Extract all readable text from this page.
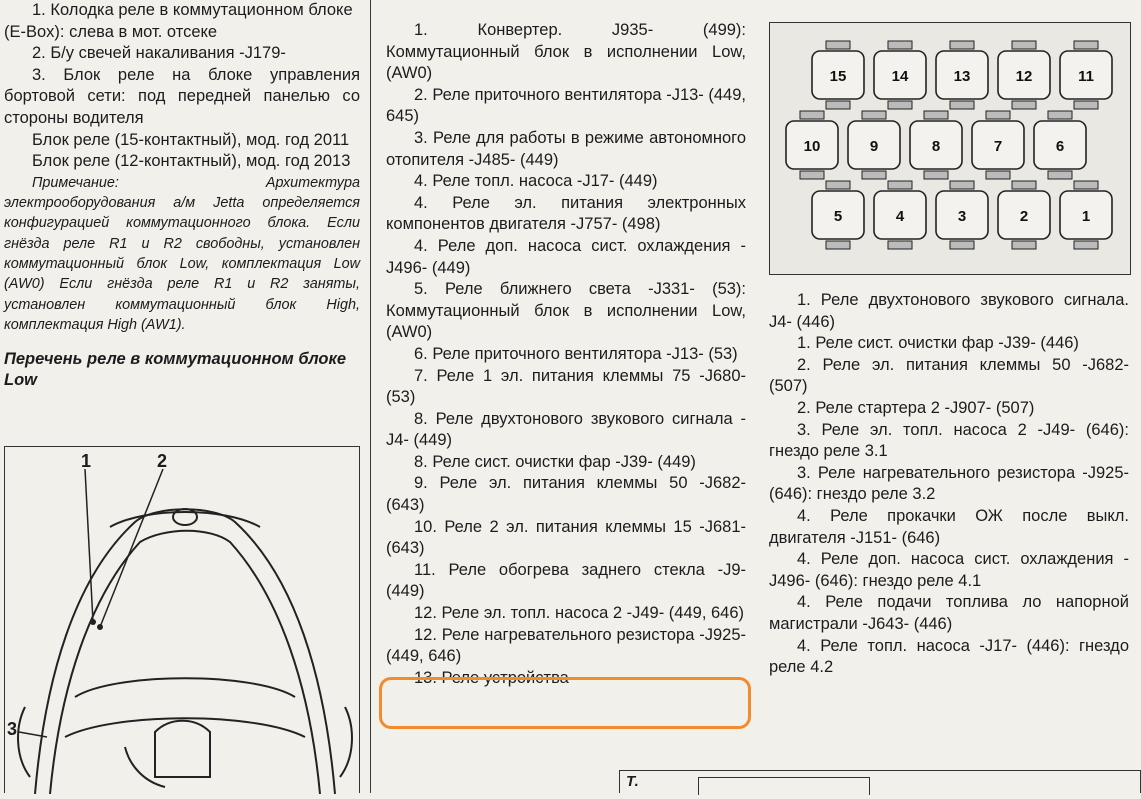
1. Колодка реле в коммутационном блоке

(E-Box): слева в мот. отсеке

2. Б/у свечей накаливания -J179-

3. Блок реле на блоке управления бортовой сети: под передней панелью со стороны водителя

Блок реле (15-контактный), мод. год 2011

Блок реле (12-контактный), мод. год 2013

Примечание: Архитектура электрооборудования а/м Jetta определяется конфигурацией коммутационного блока. Если гнёзда реле R1 и R2 свободны, установлен коммутационный блок Low, комплектация Low (AW0) Если гнёзда реле R1 и R2 заняты, установлен коммутационный блок High, комплектация High (AW1).

Перечень реле в коммутационном блоке Low

1	2
3

1. Конвертер. J935- (499): Коммутационный блок в исполнении Low, (AW0)

2. Реле приточного вентилятора -J13- (449, 645)

3. Реле для работы в режиме автономного отопителя -J485- (449)

4. Реле топл. насоса -J17- (449)

4. Реле эл. питания электронных компонентов двигателя -J757- (498)

4. Реле доп. насоса сист. охлаждения -J496- (449)

5. Реле ближнего света -J331- (53): Коммутационный блок в исполнении Low, (AW0)

6. Реле приточного вентилятора -J13- (53)

7. Реле 1 эл. питания клеммы 75 -J680- (53)

8. Реле двухтонового звукового сигнала -J4- (449)

8. Реле сист. очистки фар -J39- (449)

9. Реле эл. питания клеммы 50 -J682- (643)

10. Реле 2 эл. питания клеммы 15 -J681- (643)

11. Реле обогрева заднего стекла -J9- (449)

12. Реле эл. топл. насоса 2 -J49- (449, 646)

12. Реле нагревательного резистора -J925- (449, 646)

13. Реле устройства

15	14	13	12	11
10	9	8	7	6
5	4	3	2	1

1. Реле двухтонового звукового сигнала. J4- (446)

1. Реле сист. очистки фар -J39- (446)

2. Реле эл. питания клеммы 50 -J682- (507)

2. Реле стартера 2 -J907- (507)

3. Реле эл. топл. насоса 2 -J49- (646): гнездо реле 3.1

3. Реле нагревательного резистора -J925- (646): гнездо реле 3.2

4. Реле прокачки ОЖ после выкл. двигателя -J151- (646)

4. Реле доп. насоса сист. охлаждения -J496- (646): гнездо реле 4.1

4. Реле подачи топлива ло напорной магистрали -J643- (446)

4. Реле топл. насоса -J17- (446): гнездо реле 4.2

Т.
